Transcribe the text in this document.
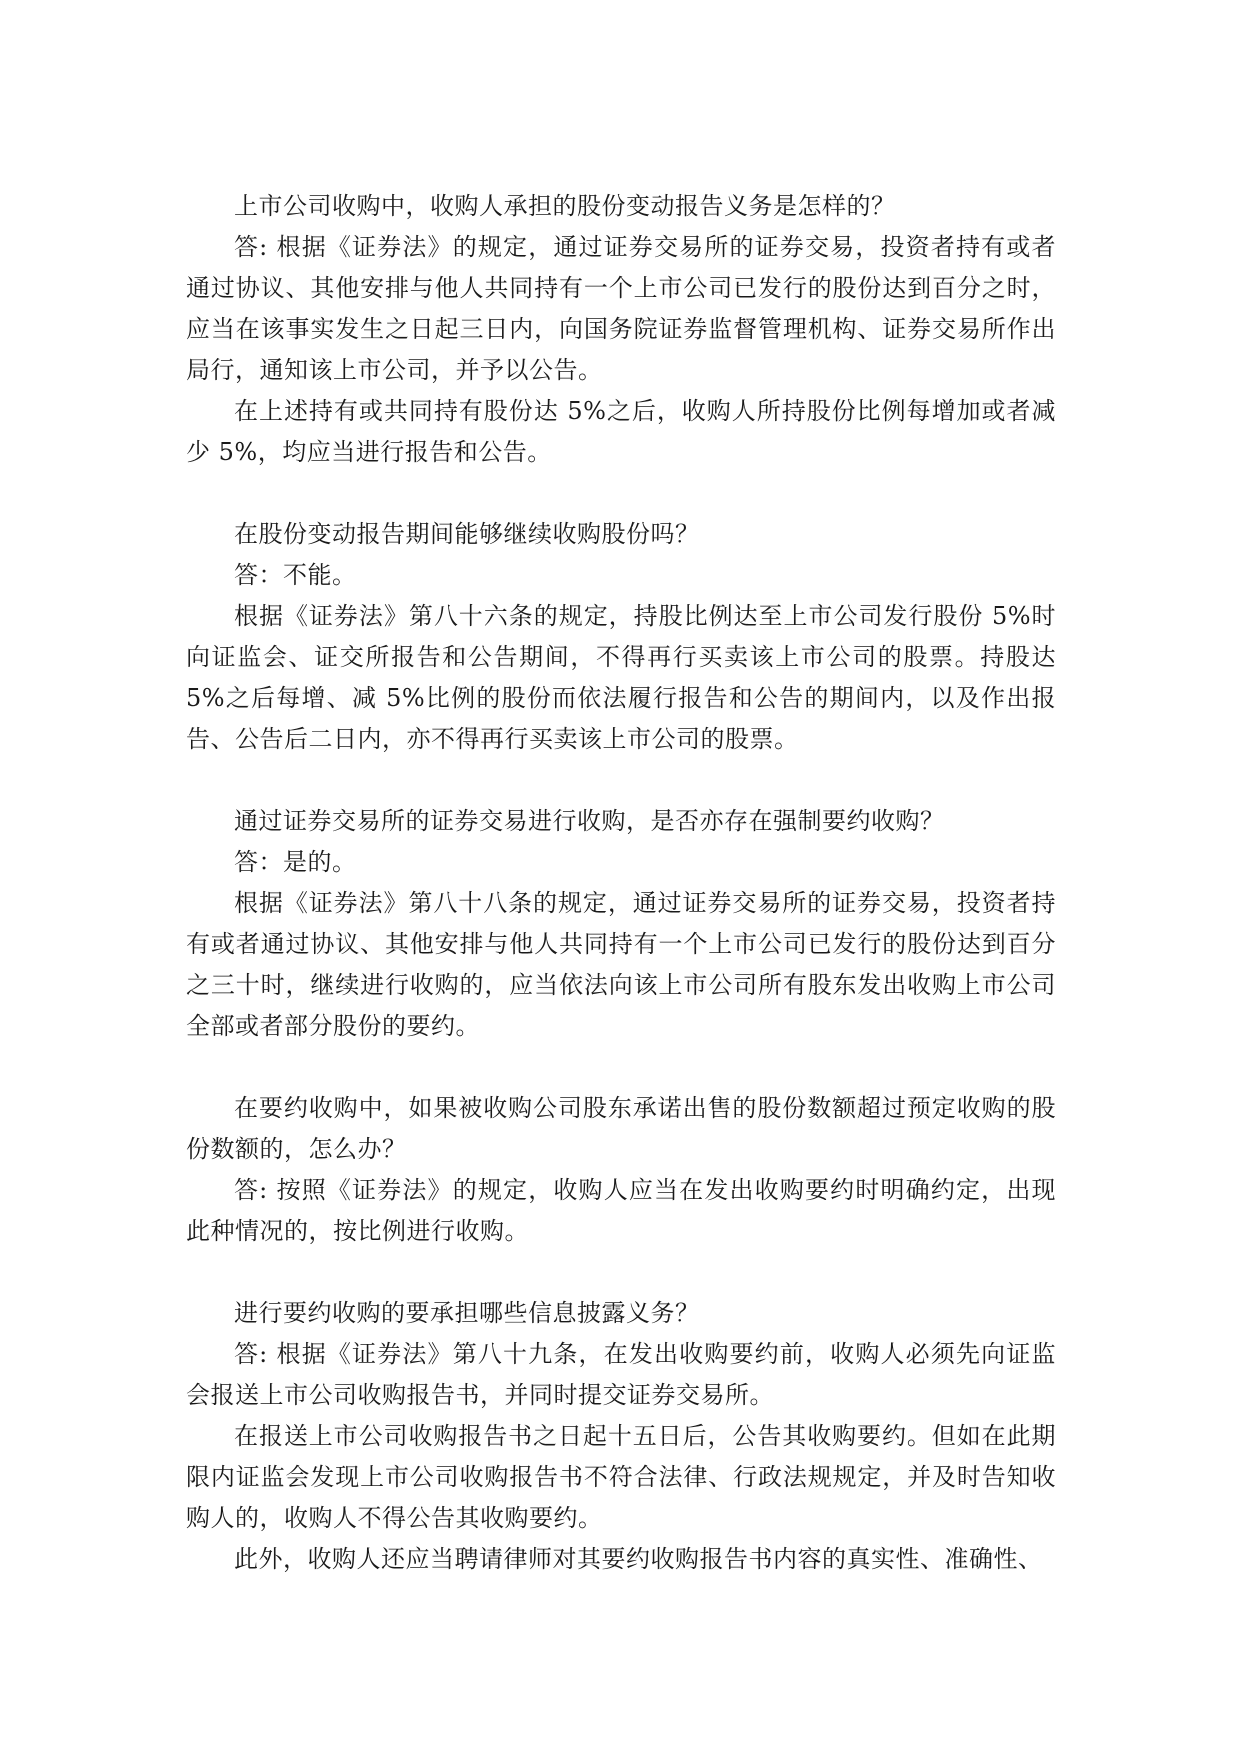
上市公司收购中，收购人承担的股份变动报告义务是怎样的？

答: 根据《证券法》的规定，通过证券交易所的证券交易，投资者持有或者通过协议、其他安排与他人共同持有一个上市公司已发行的股份达到百分之时，应当在该事实发生之日起三日内，向国务院证券监督管理机构、证券交易所作出局行，通知该上市公司，并予以公告。

在上述持有或共同持有股份达 5%之后，收购人所持股份比例每增加或者减少 5%，均应当进行报告和公告。

在股份变动报告期间能够继续收购股份吗？

答：不能。

根据《证券法》第八十六条的规定，持股比例达至上市公司发行股份 5%时向证监会、证交所报告和公告期间，不得再行买卖该上市公司的股票。持股达 5%之后每增、减 5%比例的股份而依法履行报告和公告的期间内，以及作出报告、公告后二日内，亦不得再行买卖该上市公司的股票。

通过证券交易所的证券交易进行收购，是否亦存在强制要约收购？

答：是的。

根据《证券法》第八十八条的规定，通过证券交易所的证券交易，投资者持有或者通过协议、其他安排与他人共同持有一个上市公司已发行的股份达到百分之三十时，继续进行收购的，应当依法向该上市公司所有股东发出收购上市公司全部或者部分股份的要约。

在要约收购中，如果被收购公司股东承诺出售的股份数额超过预定收购的股份数额的，怎么办？

答: 按照《证券法》的规定，收购人应当在发出收购要约时明确约定，出现此种情况的，按比例进行收购。

进行要约收购的要承担哪些信息披露义务？

答: 根据《证券法》第八十九条，在发出收购要约前，收购人必须先向证监会报送上市公司收购报告书，并同时提交证券交易所。

在报送上市公司收购报告书之日起十五日后，公告其收购要约。但如在此期限内证监会发现上市公司收购报告书不符合法律、行政法规规定，并及时告知收购人的，收购人不得公告其收购要约。

此外，收购人还应当聘请律师对其要约收购报告书内容的真实性、准确性、
